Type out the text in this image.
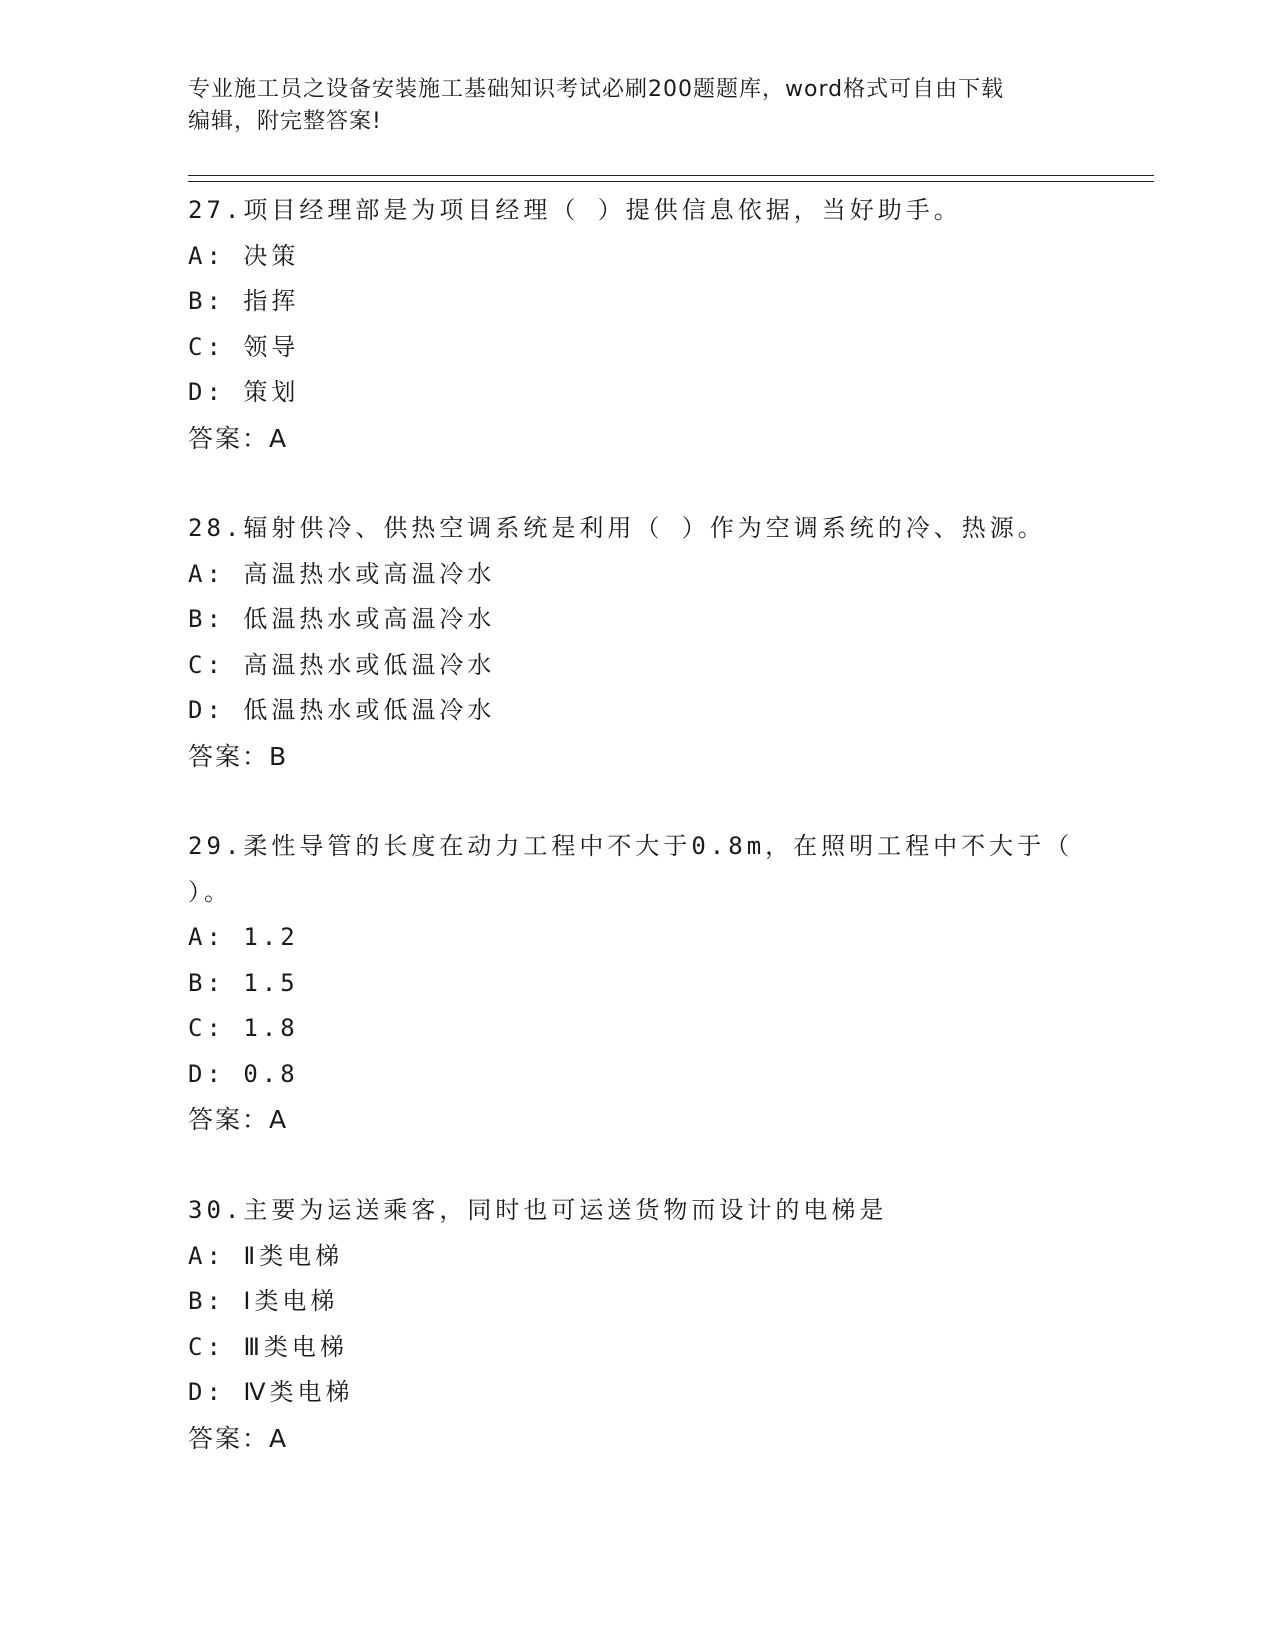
专业施工员之设备安装施工基础知识考试必刷200题题库，word格式可自由下载
编辑，附完整答案!
27.项目经理部是为项目经理（ ）提供信息依据，当好助手。
A: 决策
B: 指挥
C: 领导
D: 策划
答案：A
28.辐射供冷、供热空调系统是利用（ ）作为空调系统的冷、热源。
A: 高温热水或高温冷水
B: 低温热水或高温冷水
C: 高温热水或低温冷水
D: 低温热水或低温冷水
答案：B
29.柔性导管的长度在动力工程中不大于0.8m，在照明工程中不大于（
）。
A: 1.2
B: 1.5
C: 1.8
D: 0.8
答案：A
30.主要为运送乘客，同时也可运送货物而设计的电梯是
A: Ⅱ类电梯
B: Ⅰ类电梯
C: Ⅲ类电梯
D: Ⅳ类电梯
答案：A
